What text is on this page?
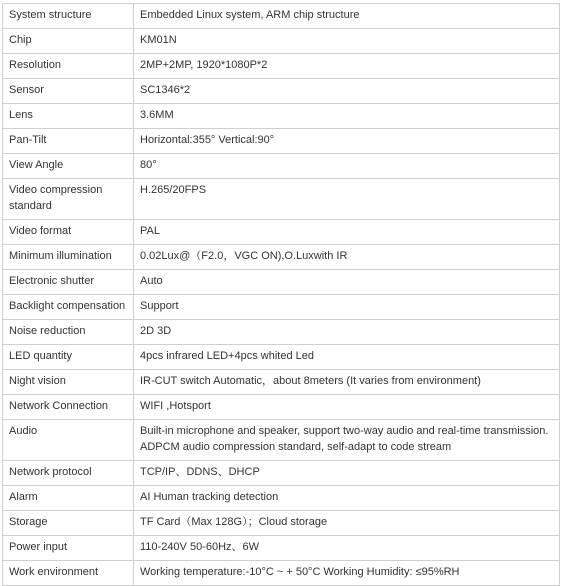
System structure	Embedded Linux system, ARM chip structure
Chip	KM01N
Resolution	2MP+2MP, 1920*1080P*2
Sensor	SC1346*2
Lens	3.6MM
Pan-Tilt	Horizontal:355° Vertical:90°
View Angle	80°
Video compression standard	H.265/20FPS
Video format	PAL
Minimum illumination	0.02Lux@（F2.0，VGC ON),O.Luxwith IR
Electronic shutter	Auto
Backlight compensation	Support
Noise reduction	2D 3D
LED quantity	4pcs infrared LED+4pcs whited Led
Night vision	IR-CUT switch Automatic，about 8meters (It varies from environment)
Network Connection	WIFI ,Hotsport
Audio	Built-in microphone and speaker, support two-way audio and real-time transmission. ADPCM audio compression standard, self-adapt to code stream
Network protocol	TCP/IP、DDNS、DHCP
Alarm	AI Human tracking detection
Storage	TF Card（Max 128G）；Cloud storage
Power input	110-240V 50-60Hz、6W
Work environment	Working temperature:-10°C ~ + 50°C Working Humidity: ≤95%RH
